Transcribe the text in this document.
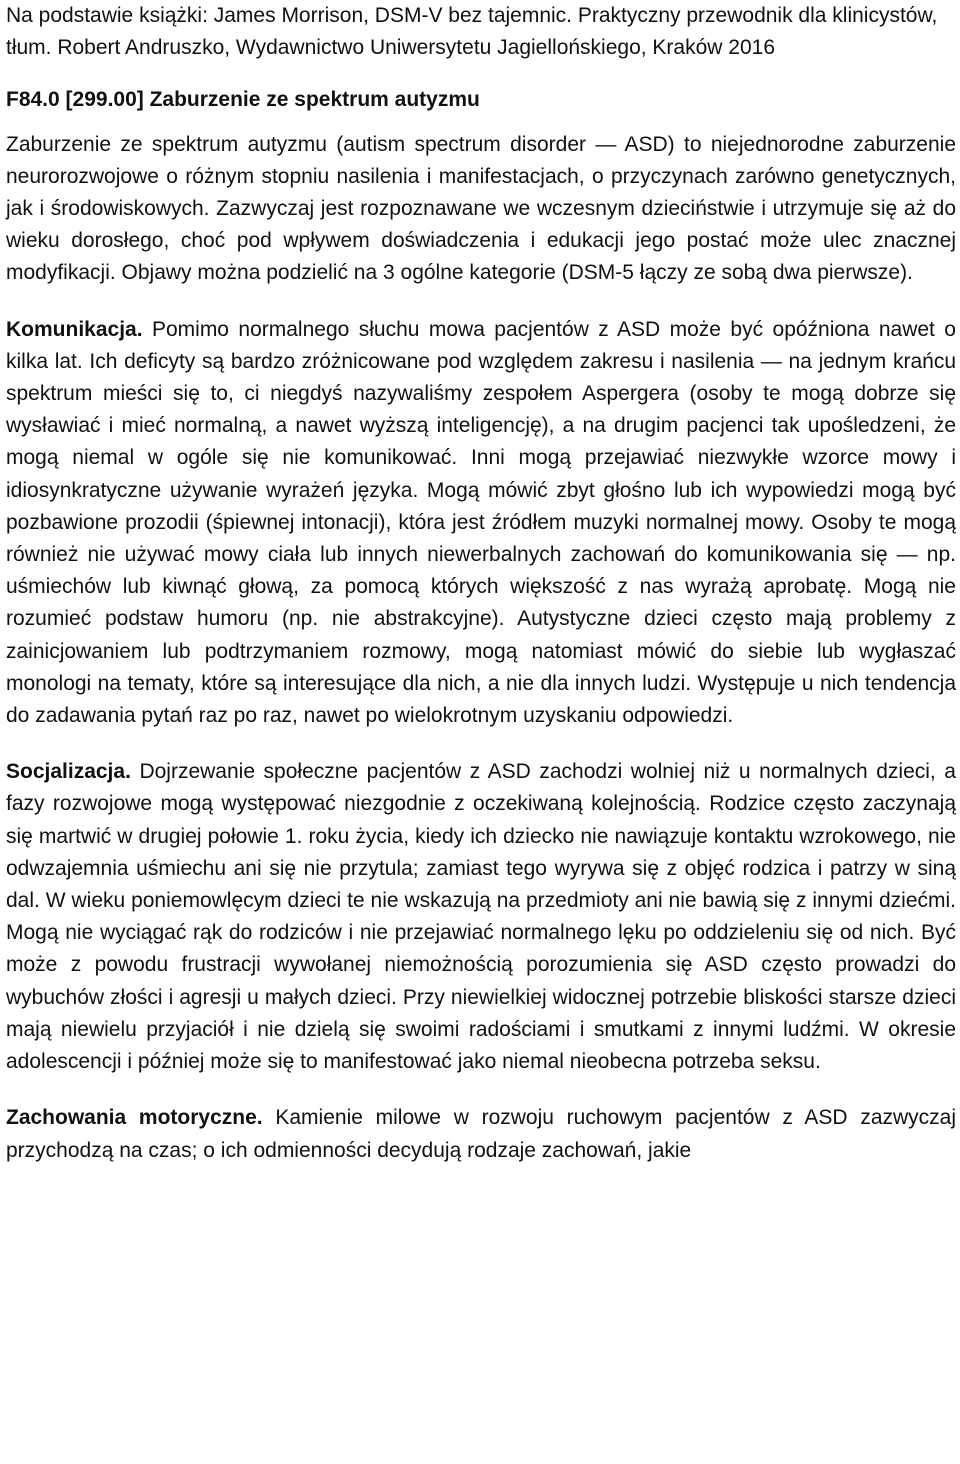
Na podstawie książki: James Morrison, DSM-V bez tajemnic. Praktyczny przewodnik dla klinicystów, tłum. Robert Andruszko, Wydawnictwo Uniwersytetu Jagiellońskiego, Kraków 2016

F84.0 [299.00] Zaburzenie ze spektrum autyzmu

Zaburzenie ze spektrum autyzmu (autism spectrum disorder — ASD) to niejednorodne zaburzenie neurorozwojowe o różnym stopniu nasilenia i manifestacjach, o przyczynach zarówno genetycznych, jak i środowiskowych. Zazwyczaj jest rozpoznawane we wczesnym dzieciństwie i utrzymuje się aż do wieku dorosłego, choć pod wpływem doświadczenia i edukacji jego postać może ulec znacznej modyfikacji. Objawy można podzielić na 3 ogólne kategorie (DSM-5 łączy ze sobą dwa pierwsze).

Komunikacja. Pomimo normalnego słuchu mowa pacjentów z ASD może być opóźniona nawet o kilka lat. Ich deficyty są bardzo zróżnicowane pod względem zakresu i nasilenia — na jednym krańcu spektrum mieści się to, ci niegdyś nazywaliśmy zespołem Aspergera (osoby te mogą dobrze się wysławiać i mieć normalną, a nawet wyższą inteligencję), a na drugim pacjenci tak upośledzeni, że mogą niemal w ogóle się nie komunikować. Inni mogą przejawiać niezwykłe wzorce mowy i idiosynkratyczne używanie wyrażeń języka. Mogą mówić zbyt głośno lub ich wypowiedzi mogą być pozbawione prozodii (śpiewnej intonacji), która jest źródłem muzyki normalnej mowy. Osoby te mogą również nie używać mowy ciała lub innych niewerbalnych zachowań do komunikowania się — np. uśmiechów lub kiwnąć głową, za pomocą których większość z nas wyrażą aprobatę. Mogą nie rozumieć podstaw humoru (np. nie abstrakcyjne). Autystyczne dzieci często mają problemy z zainicjowaniem lub podtrzymaniem rozmowy, mogą natomiast mówić do siebie lub wygłaszać monologi na tematy, które są interesujące dla nich, a nie dla innych ludzi. Występuje u nich tendencja do zadawania pytań raz po raz, nawet po wielokrotnym uzyskaniu odpowiedzi.

Socjalizacja. Dojrzewanie społeczne pacjentów z ASD zachodzi wolniej niż u normalnych dzieci, a fazy rozwojowe mogą występować niezgodnie z oczekiwaną kolejnością. Rodzice często zaczynają się martwić w drugiej połowie 1. roku życia, kiedy ich dziecko nie nawiązuje kontaktu wzrokowego, nie odwzajemnia uśmiechu ani się nie przytula; zamiast tego wyrywa się z objęć rodzica i patrzy w siną dal. W wieku poniemowlęcym dzieci te nie wskazują na przedmioty ani nie bawią się z innymi dziećmi. Mogą nie wyciągać rąk do rodziców i nie przejawiać normalnego lęku po oddzieleniu się od nich. Być może z powodu frustracji wywołanej niemożnością porozumienia się ASD często prowadzi do wybuchów złości i agresji u małych dzieci. Przy niewielkiej widocznej potrzebie bliskości starsze dzieci mają niewielu przyjaciół i nie dzielą się swoimi radościami i smutkami z innymi ludźmi. W okresie adolescencji i później może się to manifestować jako niemal nieobecna potrzeba seksu.

Zachowania motoryczne. Kamienie milowe w rozwoju ruchowym pacjentów z ASD zazwyczaj przychodzą na czas; o ich odmienności decydują rodzaje zachowań, jakie
